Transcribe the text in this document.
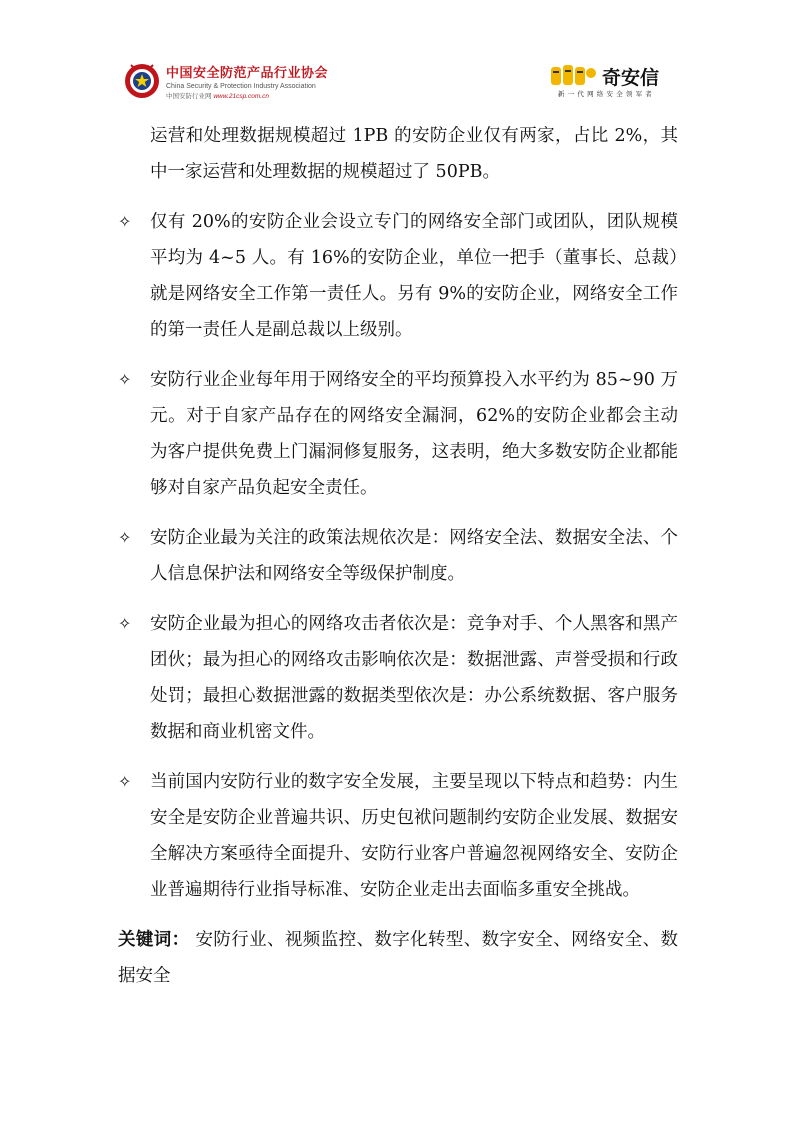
中国安全防范产品行业协会
China Security & Protection Industry Association
中国安防行业网 www.21csp.com.cn
奇安信
新一代网络安全领军者

运营和处理数据规模超过 1PB 的安防企业仅有两家，占比 2%，其中一家运营和处理数据的规模超过了 50PB。

✧ 仅有 20%的安防企业会设立专门的网络安全部门或团队，团队规模平均为 4~5 人。有 16%的安防企业，单位一把手（董事长、总裁）就是网络安全工作第一责任人。另有 9%的安防企业，网络安全工作的第一责任人是副总裁以上级别。
✧ 安防行业企业每年用于网络安全的平均预算投入水平约为 85~90 万元。对于自家产品存在的网络安全漏洞，62%的安防企业都会主动为客户提供免费上门漏洞修复服务，这表明，绝大多数安防企业都能够对自家产品负起安全责任。
✧ 安防企业最为关注的政策法规依次是：网络安全法、数据安全法、个人信息保护法和网络安全等级保护制度。
✧ 安防企业最为担心的网络攻击者依次是：竞争对手、个人黑客和黑产团伙；最为担心的网络攻击影响依次是：数据泄露、声誉受损和行政处罚；最担心数据泄露的数据类型依次是：办公系统数据、客户服务数据和商业机密文件。
✧ 当前国内安防行业的数字安全发展，主要呈现以下特点和趋势：内生安全是安防企业普遍共识、历史包袱问题制约安防企业发展、数据安全解决方案亟待全面提升、安防行业客户普遍忽视网络安全、安防企业普遍期待行业指导标准、安防企业走出去面临多重安全挑战。
关键词： 安防行业、视频监控、数字化转型、数字安全、网络安全、数据安全
